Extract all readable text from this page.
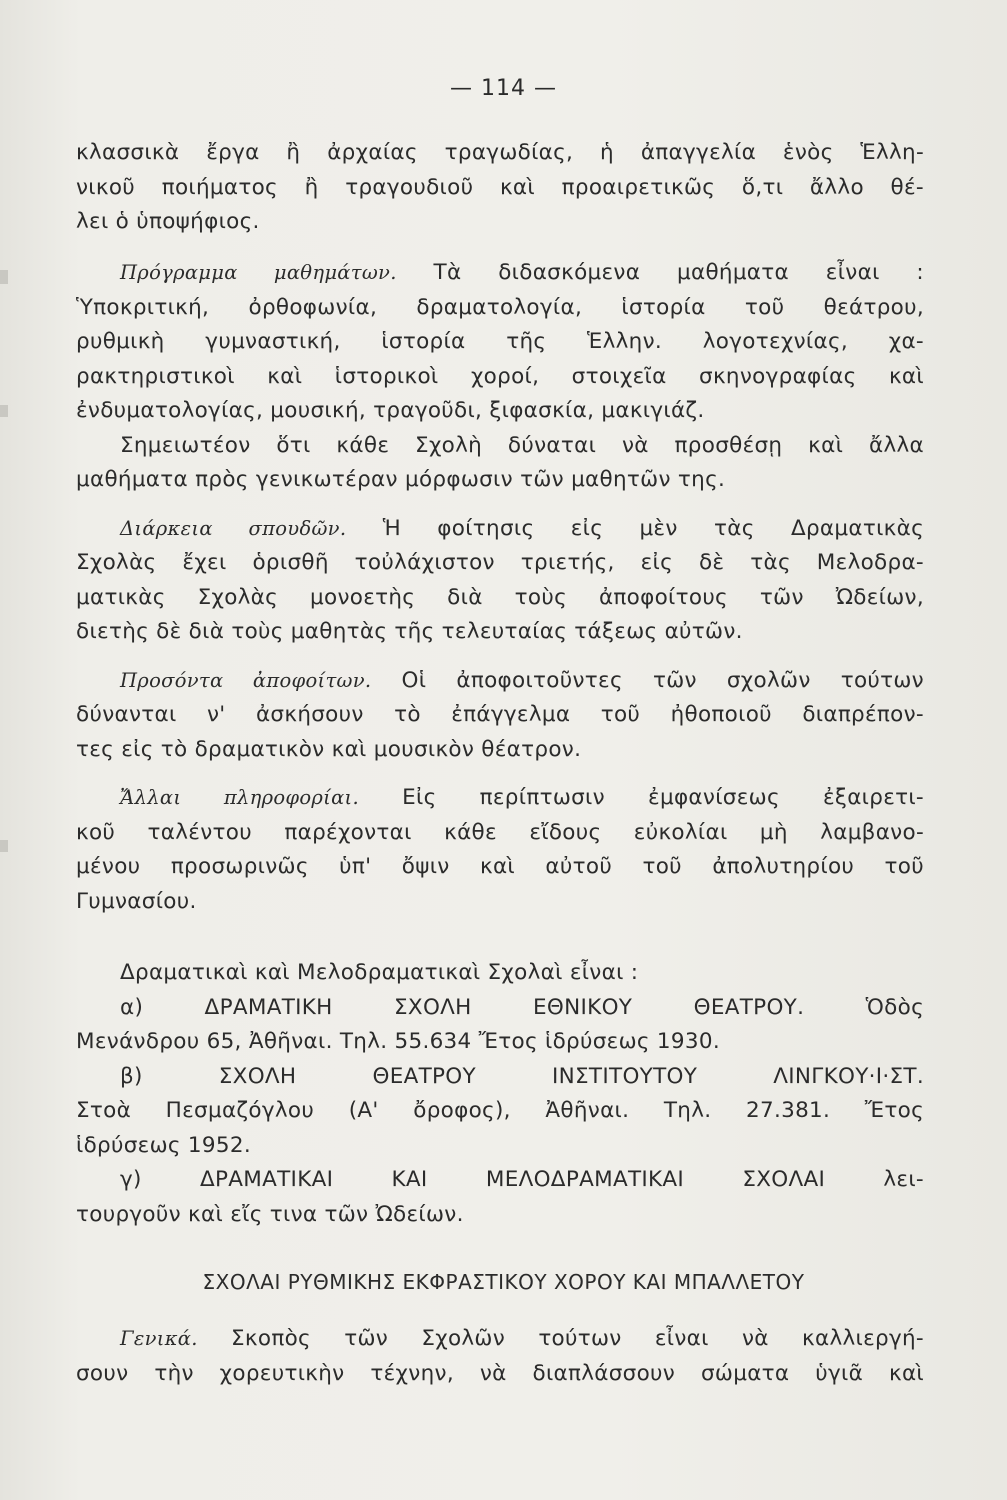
— 114 —
κλασσικὰ ἔργα ἢ ἀρχαίας τραγωδίας, ἡ ἀπαγγελία ἑνὸς Ἑλλη-
νικοῦ ποιήματος ἢ τραγουδιοῦ καὶ προαιρετικῶς ὅ,τι ἄλλο θέ-
λει ὁ ὑποψήφιος.
Πρόγραμμα μαθημάτων. Τὰ διδασκόμενα μαθήματα εἶναι :
Ὑποκριτική, ὀρθοφωνία, δραματολογία, ἱστορία τοῦ θεάτρου,
ρυθμικὴ γυμναστική, ἱστορία τῆς Ἑλλην. λογοτεχνίας, χα-
ρακτηριστικοὶ καὶ ἱστορικοὶ χοροί, στοιχεῖα σκηνογραφίας καὶ
ἐνδυματολογίας, μουσική, τραγοῦδι, ξιφασκία, μακιγιάζ.
Σημειωτέον ὅτι κάθε Σχολὴ δύναται νὰ προσθέσῃ καὶ ἄλλα
μαθήματα πρὸς γενικωτέραν μόρφωσιν τῶν μαθητῶν της.
Διάρκεια σπουδῶν. Ἡ φοίτησις εἰς μὲν τὰς Δραματικὰς
Σχολὰς ἔχει ὁρισθῆ τοὐλάχιστον τριετής, εἰς δὲ τὰς Μελοδρα-
ματικὰς Σχολὰς μονοετὴς διὰ τοὺς ἀποφοίτους τῶν Ὠδείων,
διετὴς δὲ διὰ τοὺς μαθητὰς τῆς τελευταίας τάξεως αὐτῶν.
Προσόντα ἀποφοίτων. Οἱ ἀποφοιτοῦντες τῶν σχολῶν τούτων
δύνανται ν' ἀσκήσουν τὸ ἐπάγγελμα τοῦ ἠθοποιοῦ διαπρέπον-
τες εἰς τὸ δραματικὸν καὶ μουσικὸν θέατρον.
Ἄλλαι πληροφορίαι. Εἰς περίπτωσιν ἐμφανίσεως ἐξαιρετι-
κοῦ ταλέντου παρέχονται κάθε εἴδους εὐκολίαι μὴ λαμβανο-
μένου προσωρινῶς ὑπ' ὄψιν καὶ αὐτοῦ τοῦ ἀπολυτηρίου τοῦ
Γυμνασίου.
Δραματικαὶ καὶ Μελοδραματικαὶ Σχολαὶ εἶναι :
α) ΔΡΑΜΑΤΙΚΗ ΣΧΟΛΗ ΕΘΝΙΚΟΥ ΘΕΑΤΡΟΥ. Ὁδὸς
Μενάνδρου 65, Ἀθῆναι. Τηλ. 55.634 Ἔτος ἱδρύσεως 1930.
β) ΣΧΟΛΗ ΘΕΑΤΡΟΥ ΙΝΣΤΙΤΟΥΤΟΥ ΛΙΝΓΚΟΥ·Ι·ΣΤ.
Στοὰ Πεσμαζόγλου (Α' ὄροφος), Ἀθῆναι. Τηλ. 27.381. Ἔτος
ἱδρύσεως 1952.
γ) ΔΡΑΜΑΤΙΚΑΙ ΚΑΙ ΜΕΛΟΔΡΑΜΑΤΙΚΑΙ ΣΧΟΛΑΙ λει-
τουργοῦν καὶ εἴς τινα τῶν Ὠδείων.
ΣΧΟΛΑΙ ΡΥΘΜΙΚΗΣ ΕΚΦΡΑΣΤΙΚΟΥ ΧΟΡΟΥ ΚΑΙ ΜΠΑΛΛΕΤΟΥ
Γενικά. Σκοπὸς τῶν Σχολῶν τούτων εἶναι νὰ καλλιεργή-
σουν τὴν χορευτικὴν τέχνην, νὰ διαπλάσσουν σώματα ὑγιᾶ καὶ
